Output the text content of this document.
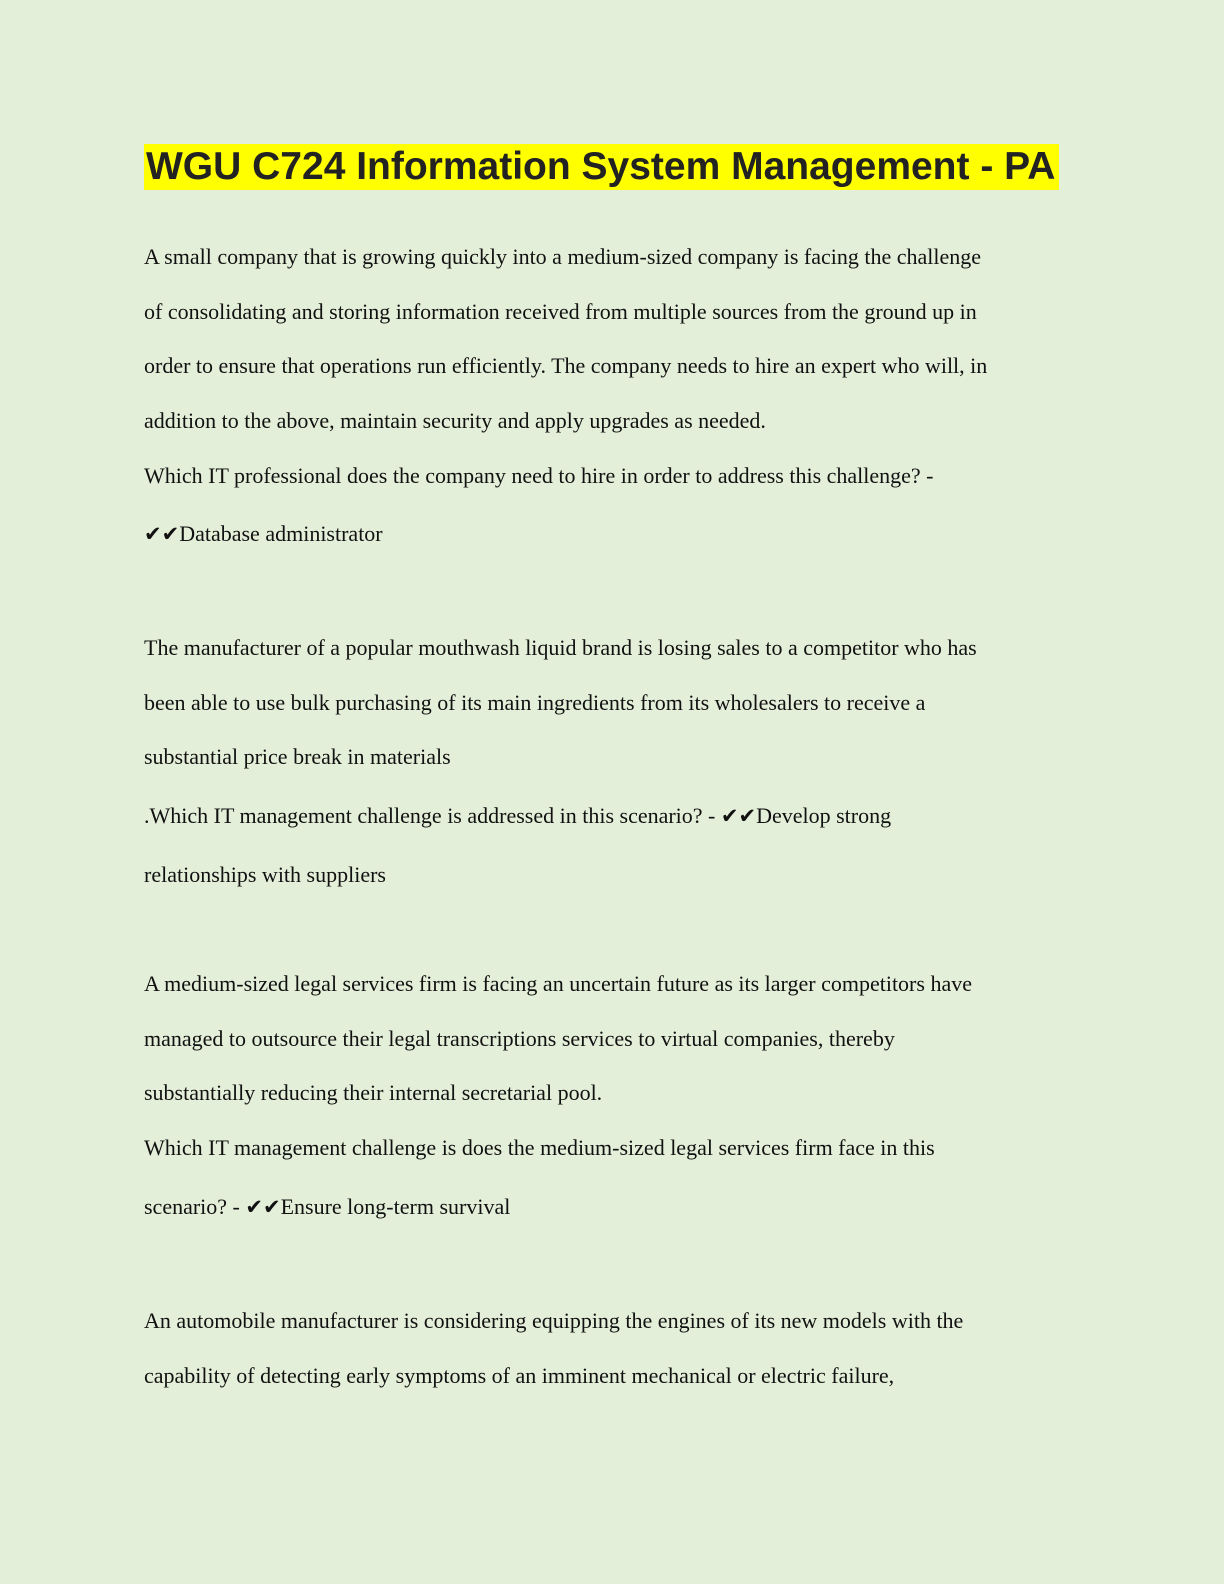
WGU C724 Information System Management - PA
A small company that is growing quickly into a medium-sized company is facing the challenge
of consolidating and storing information received from multiple sources from the ground up in
order to ensure that operations run efficiently. The company needs to hire an expert who will, in
addition to the above, maintain security and apply upgrades as needed.
Which IT professional does the company need to hire in order to address this challenge? -
✔✔Database administrator
The manufacturer of a popular mouthwash liquid brand is losing sales to a competitor who has
been able to use bulk purchasing of its main ingredients from its wholesalers to receive a
substantial price break in materials
.Which IT management challenge is addressed in this scenario? - ✔✔Develop strong
relationships with suppliers
A medium-sized legal services firm is facing an uncertain future as its larger competitors have
managed to outsource their legal transcriptions services to virtual companies, thereby
substantially reducing their internal secretarial pool.
Which IT management challenge is does the medium-sized legal services firm face in this
scenario? - ✔✔Ensure long-term survival
An automobile manufacturer is considering equipping the engines of its new models with the
capability of detecting early symptoms of an imminent mechanical or electric failure,
